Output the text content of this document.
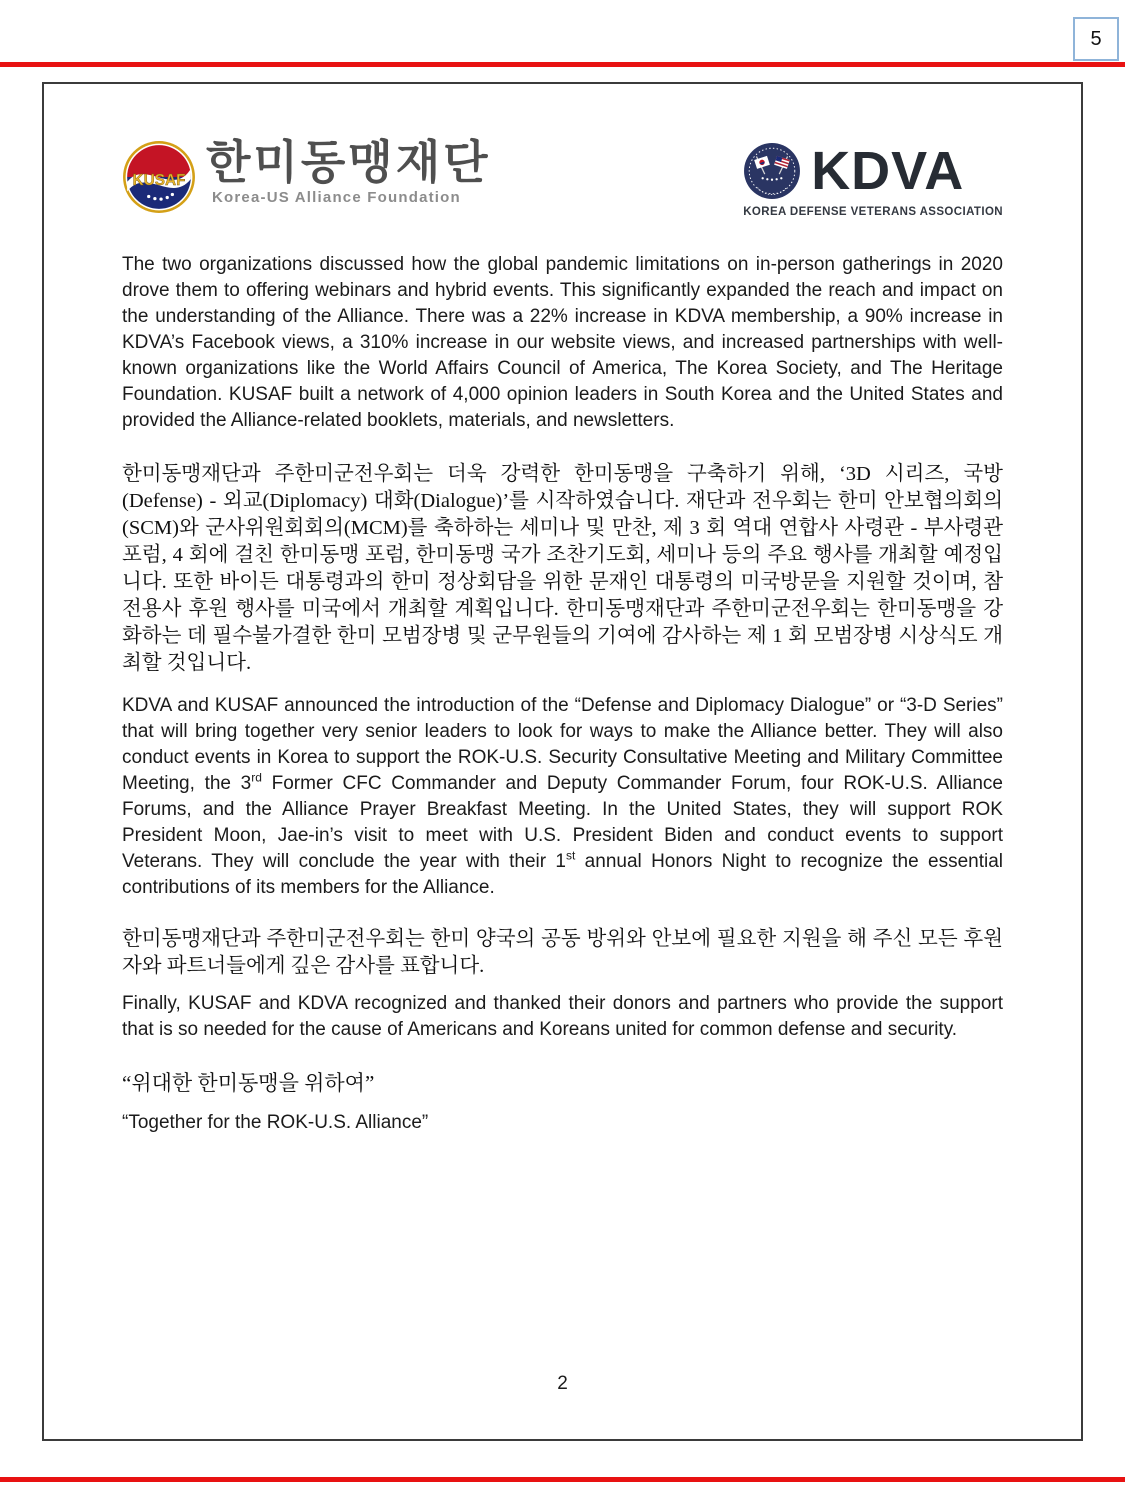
5
KUSAF 한미동맹재단
Korea-US Alliance Foundation	KDVA
KOREA DEFENSE VETERANS ASSOCIATION

The two organizations discussed how the global pandemic limitations on in-person gatherings in 2020 drove them to offering webinars and hybrid events. This significantly expanded the reach and impact on the understanding of the Alliance. There was a 22% increase in KDVA membership, a 90% increase in KDVA’s Facebook views, a 310% increase in our website views, and increased partnerships with well-known organizations like the World Affairs Council of America, The Korea Society, and The Heritage Foundation. KUSAF built a network of 4,000 opinion leaders in South Korea and the United States and provided the Alliance-related booklets, materials, and newsletters.

한미동맹재단과 주한미군전우회는 더욱 강력한 한미동맹을 구축하기 위해, ‘3D 시리즈, 국방(Defense) - 외교(Diplomacy) 대화(Dialogue)’를 시작하였습니다. 재단과 전우회는 한미 안보협의회의(SCM)와 군사위원회회의(MCM)를 축하하는 세미나 및 만찬, 제 3 회 역대 연합사 사령관 - 부사령관 포럼, 4 회에 걸친 한미동맹 포럼, 한미동맹 국가 조찬기도회, 세미나 등의 주요 행사를 개최할 예정입니다. 또한 바이든 대통령과의 한미 정상회담을 위한 문재인 대통령의 미국방문을 지원할 것이며, 참전용사 후원 행사를 미국에서 개최할 계획입니다. 한미동맹재단과 주한미군전우회는 한미동맹을 강화하는 데 필수불가결한 한미 모범장병 및 군무원들의 기여에 감사하는 제 1 회 모범장병 시상식도 개최할 것입니다.

KDVA and KUSAF announced the introduction of the “Defense and Diplomacy Dialogue” or “3-D Series” that will bring together very senior leaders to look for ways to make the Alliance better. They will also conduct events in Korea to support the ROK-U.S. Security Consultative Meeting and Military Committee Meeting, the 3rd Former CFC Commander and Deputy Commander Forum, four ROK-U.S. Alliance Forums, and the Alliance Prayer Breakfast Meeting. In the United States, they will support ROK President Moon, Jae-in’s visit to meet with U.S. President Biden and conduct events to support Veterans. They will conclude the year with their 1st annual Honors Night to recognize the essential contributions of its members for the Alliance.

한미동맹재단과 주한미군전우회는 한미 양국의 공동 방위와 안보에 필요한 지원을 해 주신 모든 후원자와 파트너들에게 깊은 감사를 표합니다.

Finally, KUSAF and KDVA recognized and thanked their donors and partners who provide the support that is so needed for the cause of Americans and Koreans united for common defense and security.

“위대한 한미동맹을 위하여”

“Together for the ROK-U.S. Alliance”

2
